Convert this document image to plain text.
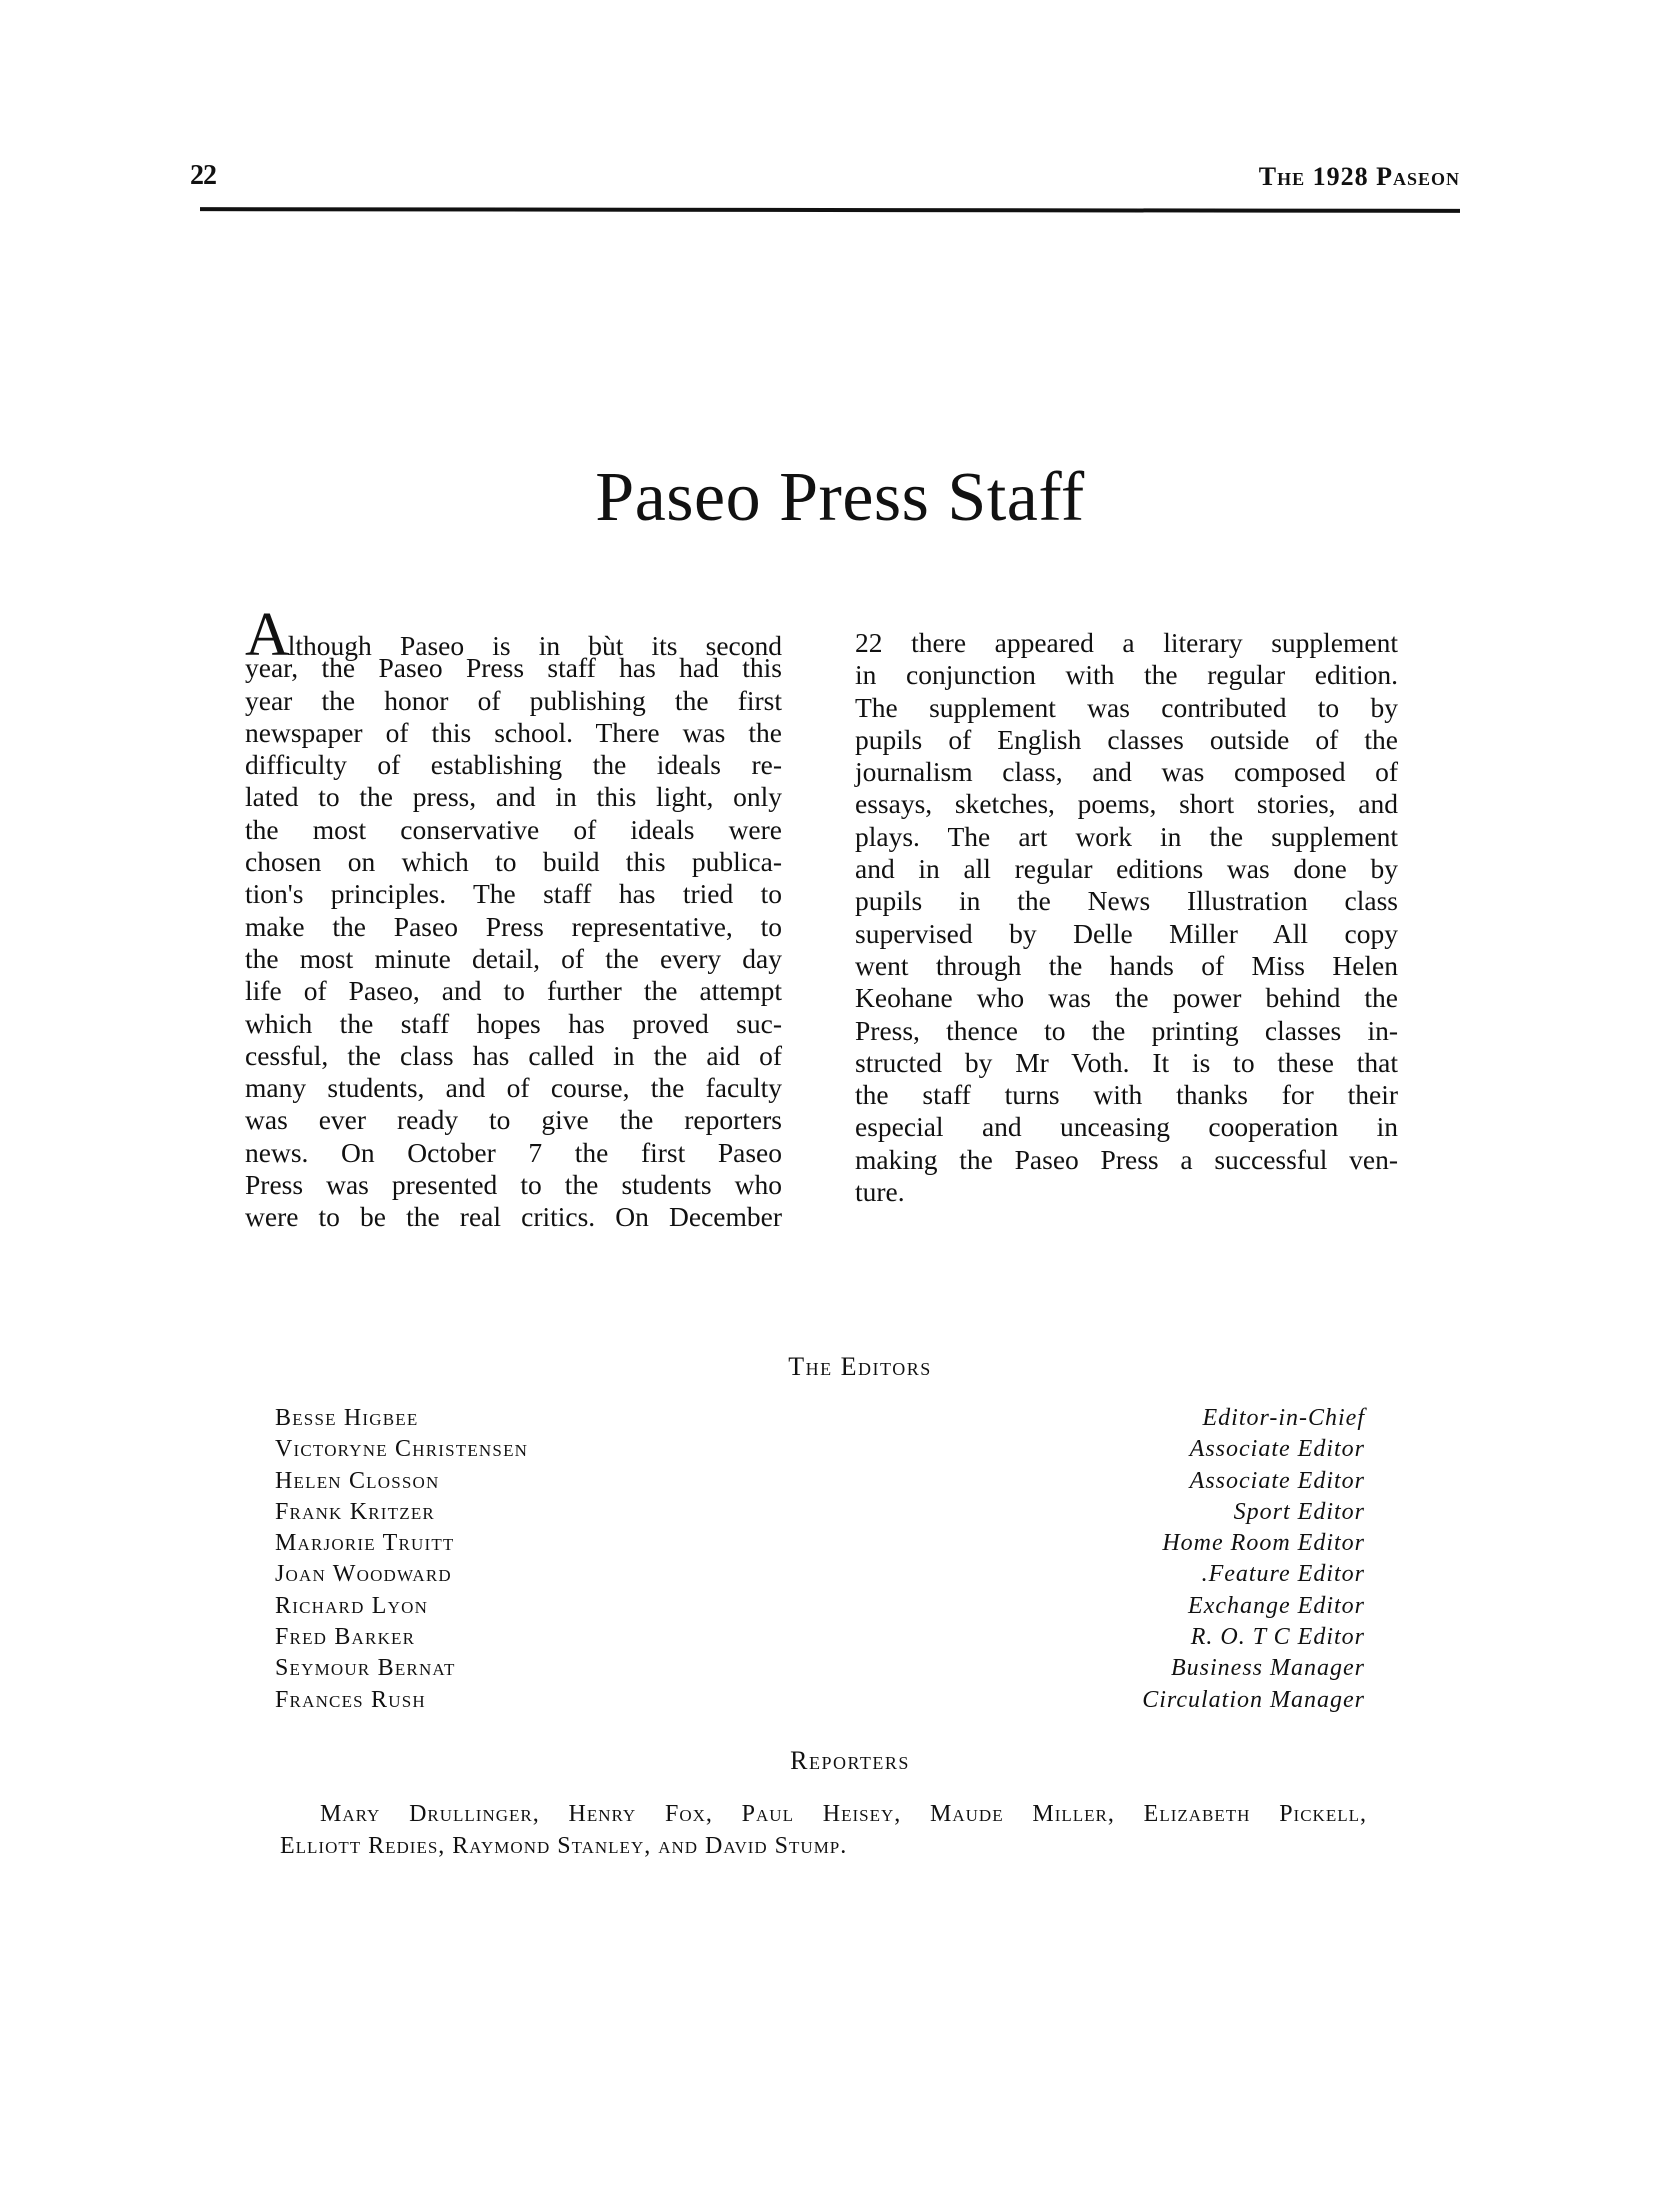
22	The 1928 Paseon
Paseo Press Staff
Although Paseo is in bùt its second
year, the Paseo Press staff has had this
year the honor of publishing the first
newspaper of this school. There was the
difficulty of establishing the ideals re-
lated to the press, and in this light, only
the most conservative of ideals were
chosen on which to build this publica-
tion's principles. The staff has tried to
make the Paseo Press representative, to
the most minute detail, of the every day
life of Paseo, and to further the attempt
which the staff hopes has proved suc-
cessful, the class has called in the aid of
many students, and of course, the faculty
was ever ready to give the reporters
news. On October 7 the first Paseo
Press was presented to the students who
were to be the real critics. On December
22 there appeared a literary supplement
in conjunction with the regular edition.
The supplement was contributed to by
pupils of English classes outside of the
journalism class, and was composed of
essays, sketches, poems, short stories, and
plays. The art work in the supplement
and in all regular editions was done by
pupils in the News Illustration class
supervised by Delle Miller All copy
went through the hands of Miss Helen
Keohane who was the power behind the
Press, thence to the printing classes in-
structed by Mr Voth. It is to these that
the staff turns with thanks for their
especial and unceasing cooperation in
making the Paseo Press a successful ven-
ture.
The Editors
Besse Higbee	Editor-in-Chief
Victoryne Christensen	Associate Editor
Helen Closson	Associate Editor
Frank Kritzer	Sport Editor
Marjorie Truitt	Home Room Editor
Joan Woodward	.Feature Editor
Richard Lyon	Exchange Editor
Fred Barker	R. O. T C Editor
Seymour Bernat	Business Manager
Frances Rush	Circulation Manager
Reporters
Mary Drullinger, Henry Fox, Paul Heisey, Maude Miller, Elizabeth Pickell,
Elliott Redies, Raymond Stanley, and David Stump.
